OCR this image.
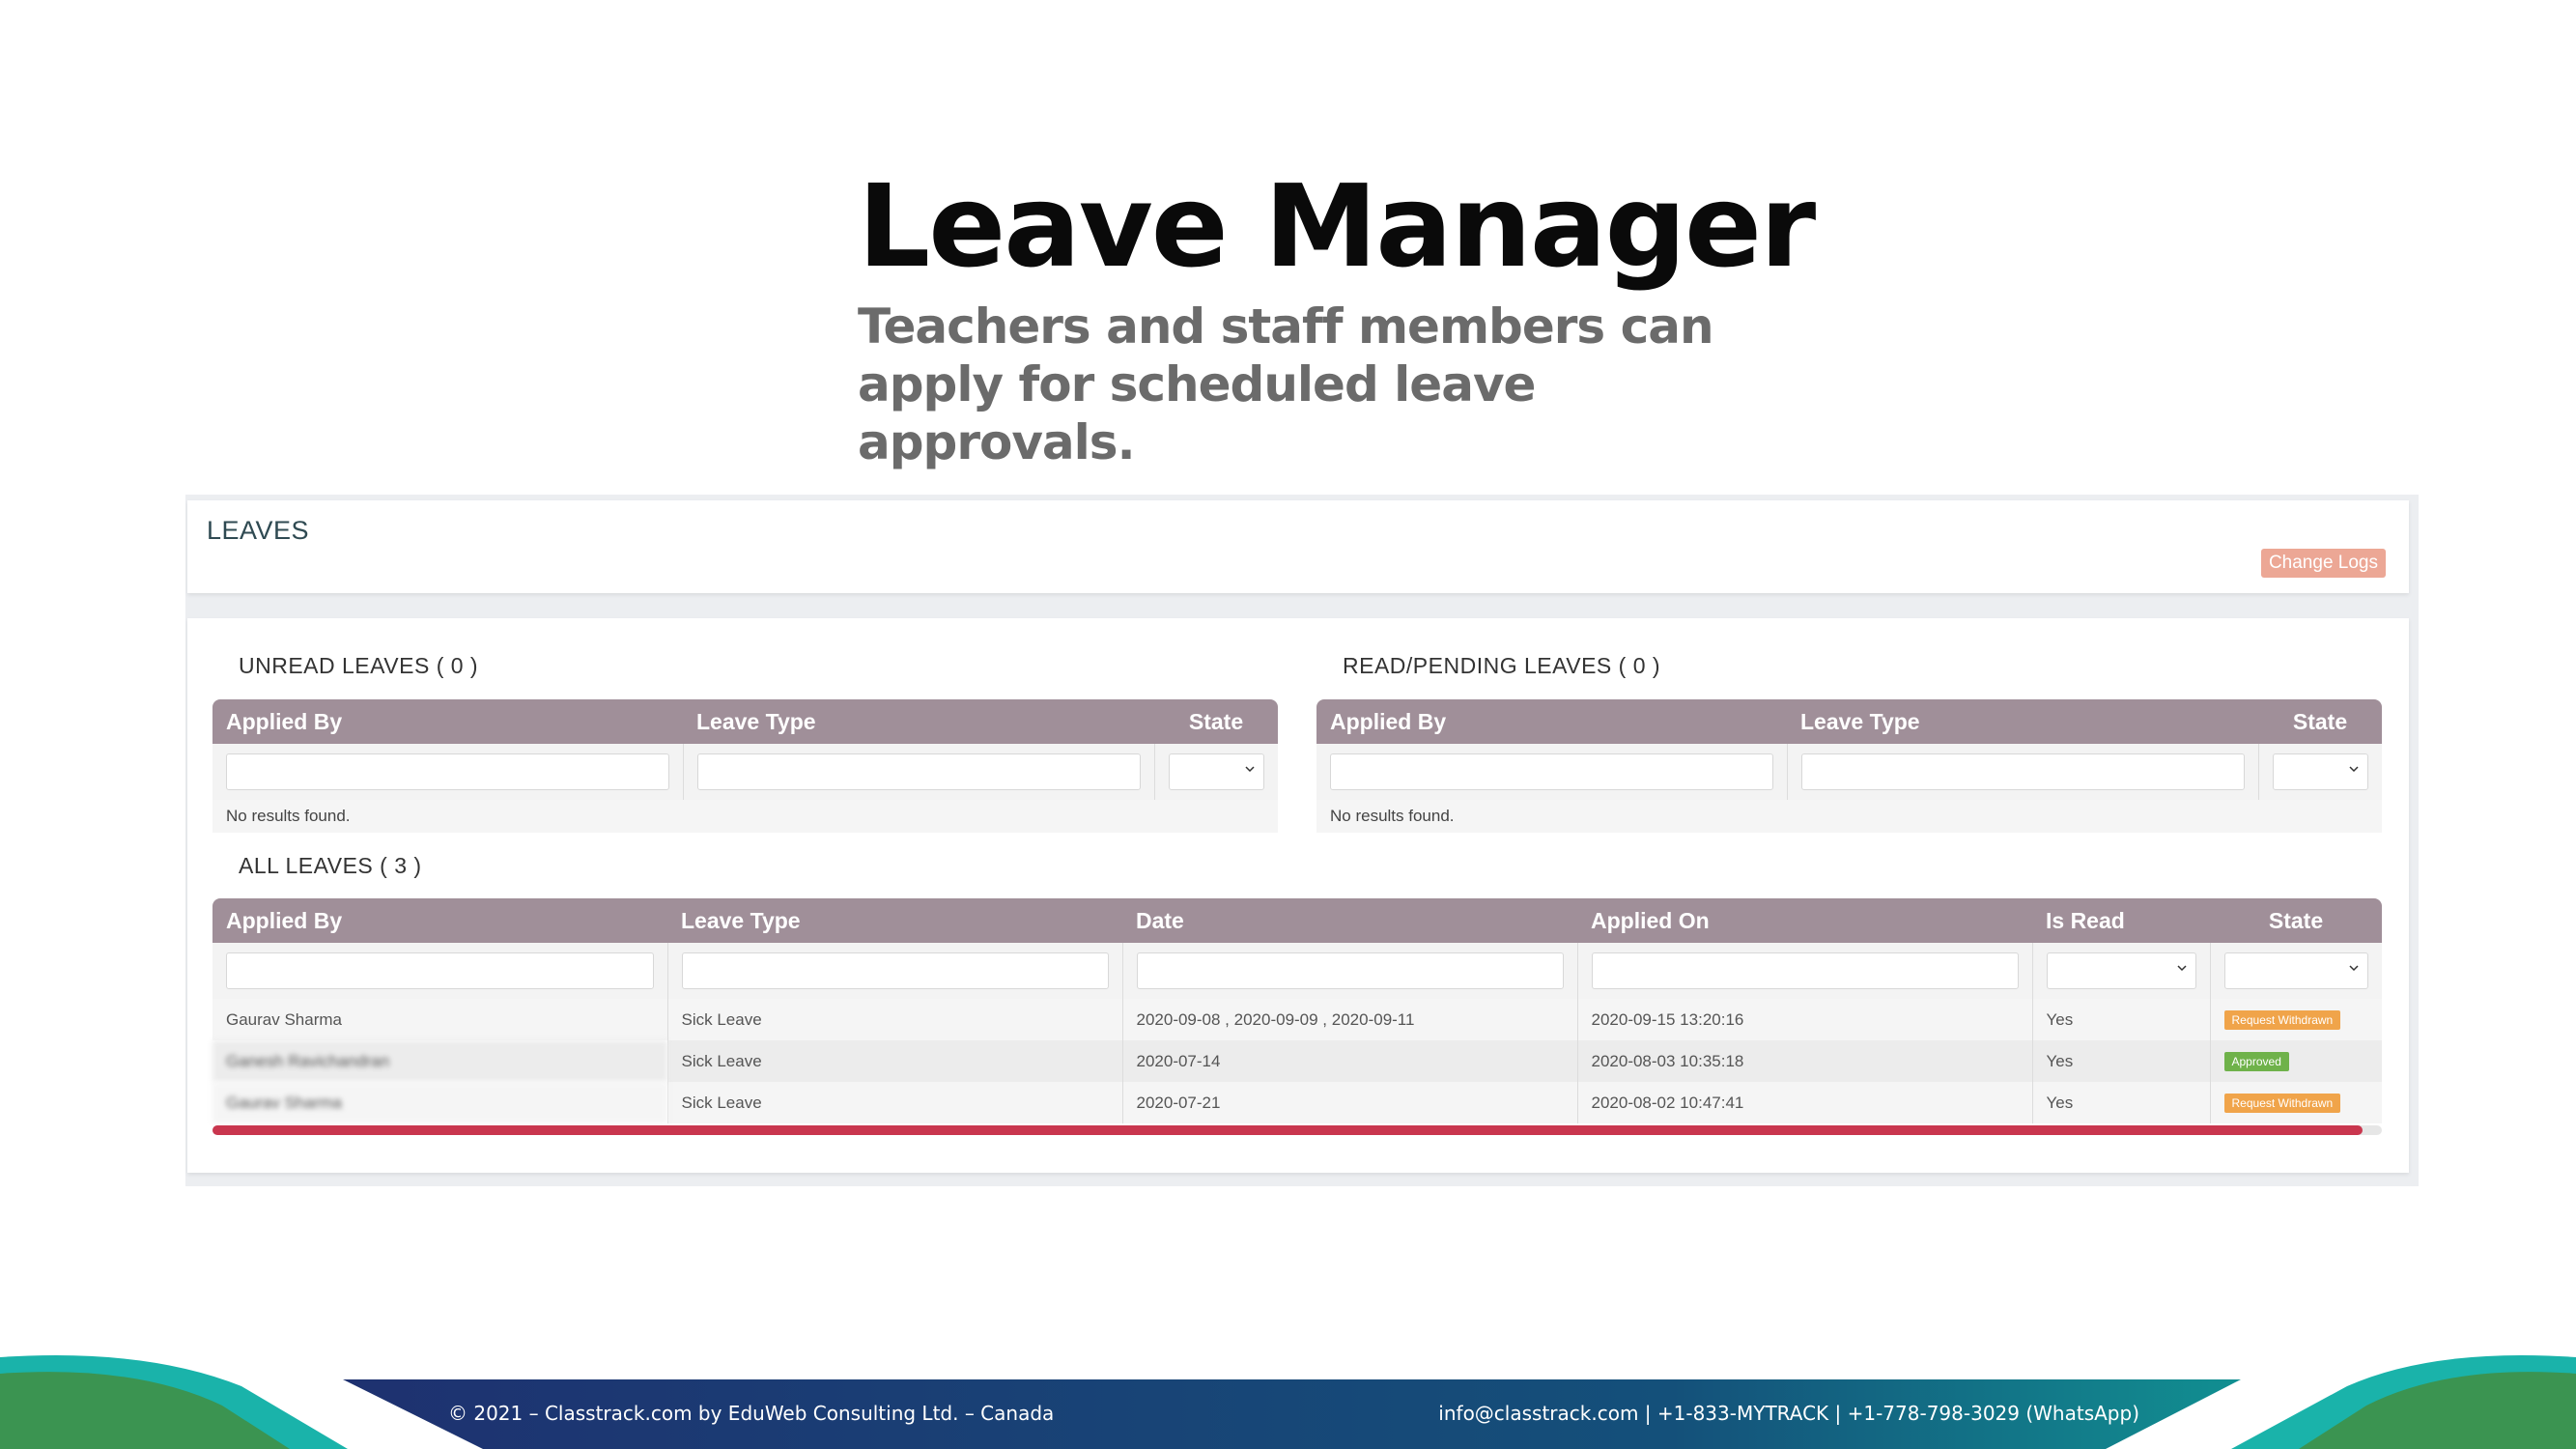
Leave Manager
Teachers and staff members can apply for scheduled leave approvals.
LEAVES
Change Logs
UNREAD LEAVES ( 0 )
Applied By	Leave Type	State

No results found.		
READ/PENDING LEAVES ( 0 )
Applied By	Leave Type	State

No results found.		
ALL LEAVES ( 3 )
Applied By	Leave Type	Date	Applied On	Is Read	State

Gaurav Sharma	Sick Leave	2020-09-08 , 2020-09-09 , 2020-09-11	2020-09-15 13:20:16	Yes	Request Withdrawn
Ganesh Ravichandran	Sick Leave	2020-07-14	2020-08-03 10:35:18	Yes	Approved
Gaurav Sharma	Sick Leave	2020-07-21	2020-08-02 10:47:41	Yes	Request Withdrawn
© 2021 – Classtrack.com by EduWeb Consulting Ltd. – Canada	info@classtrack.com | +1-833-MYTRACK | +1-778-798-3029 (WhatsApp)
